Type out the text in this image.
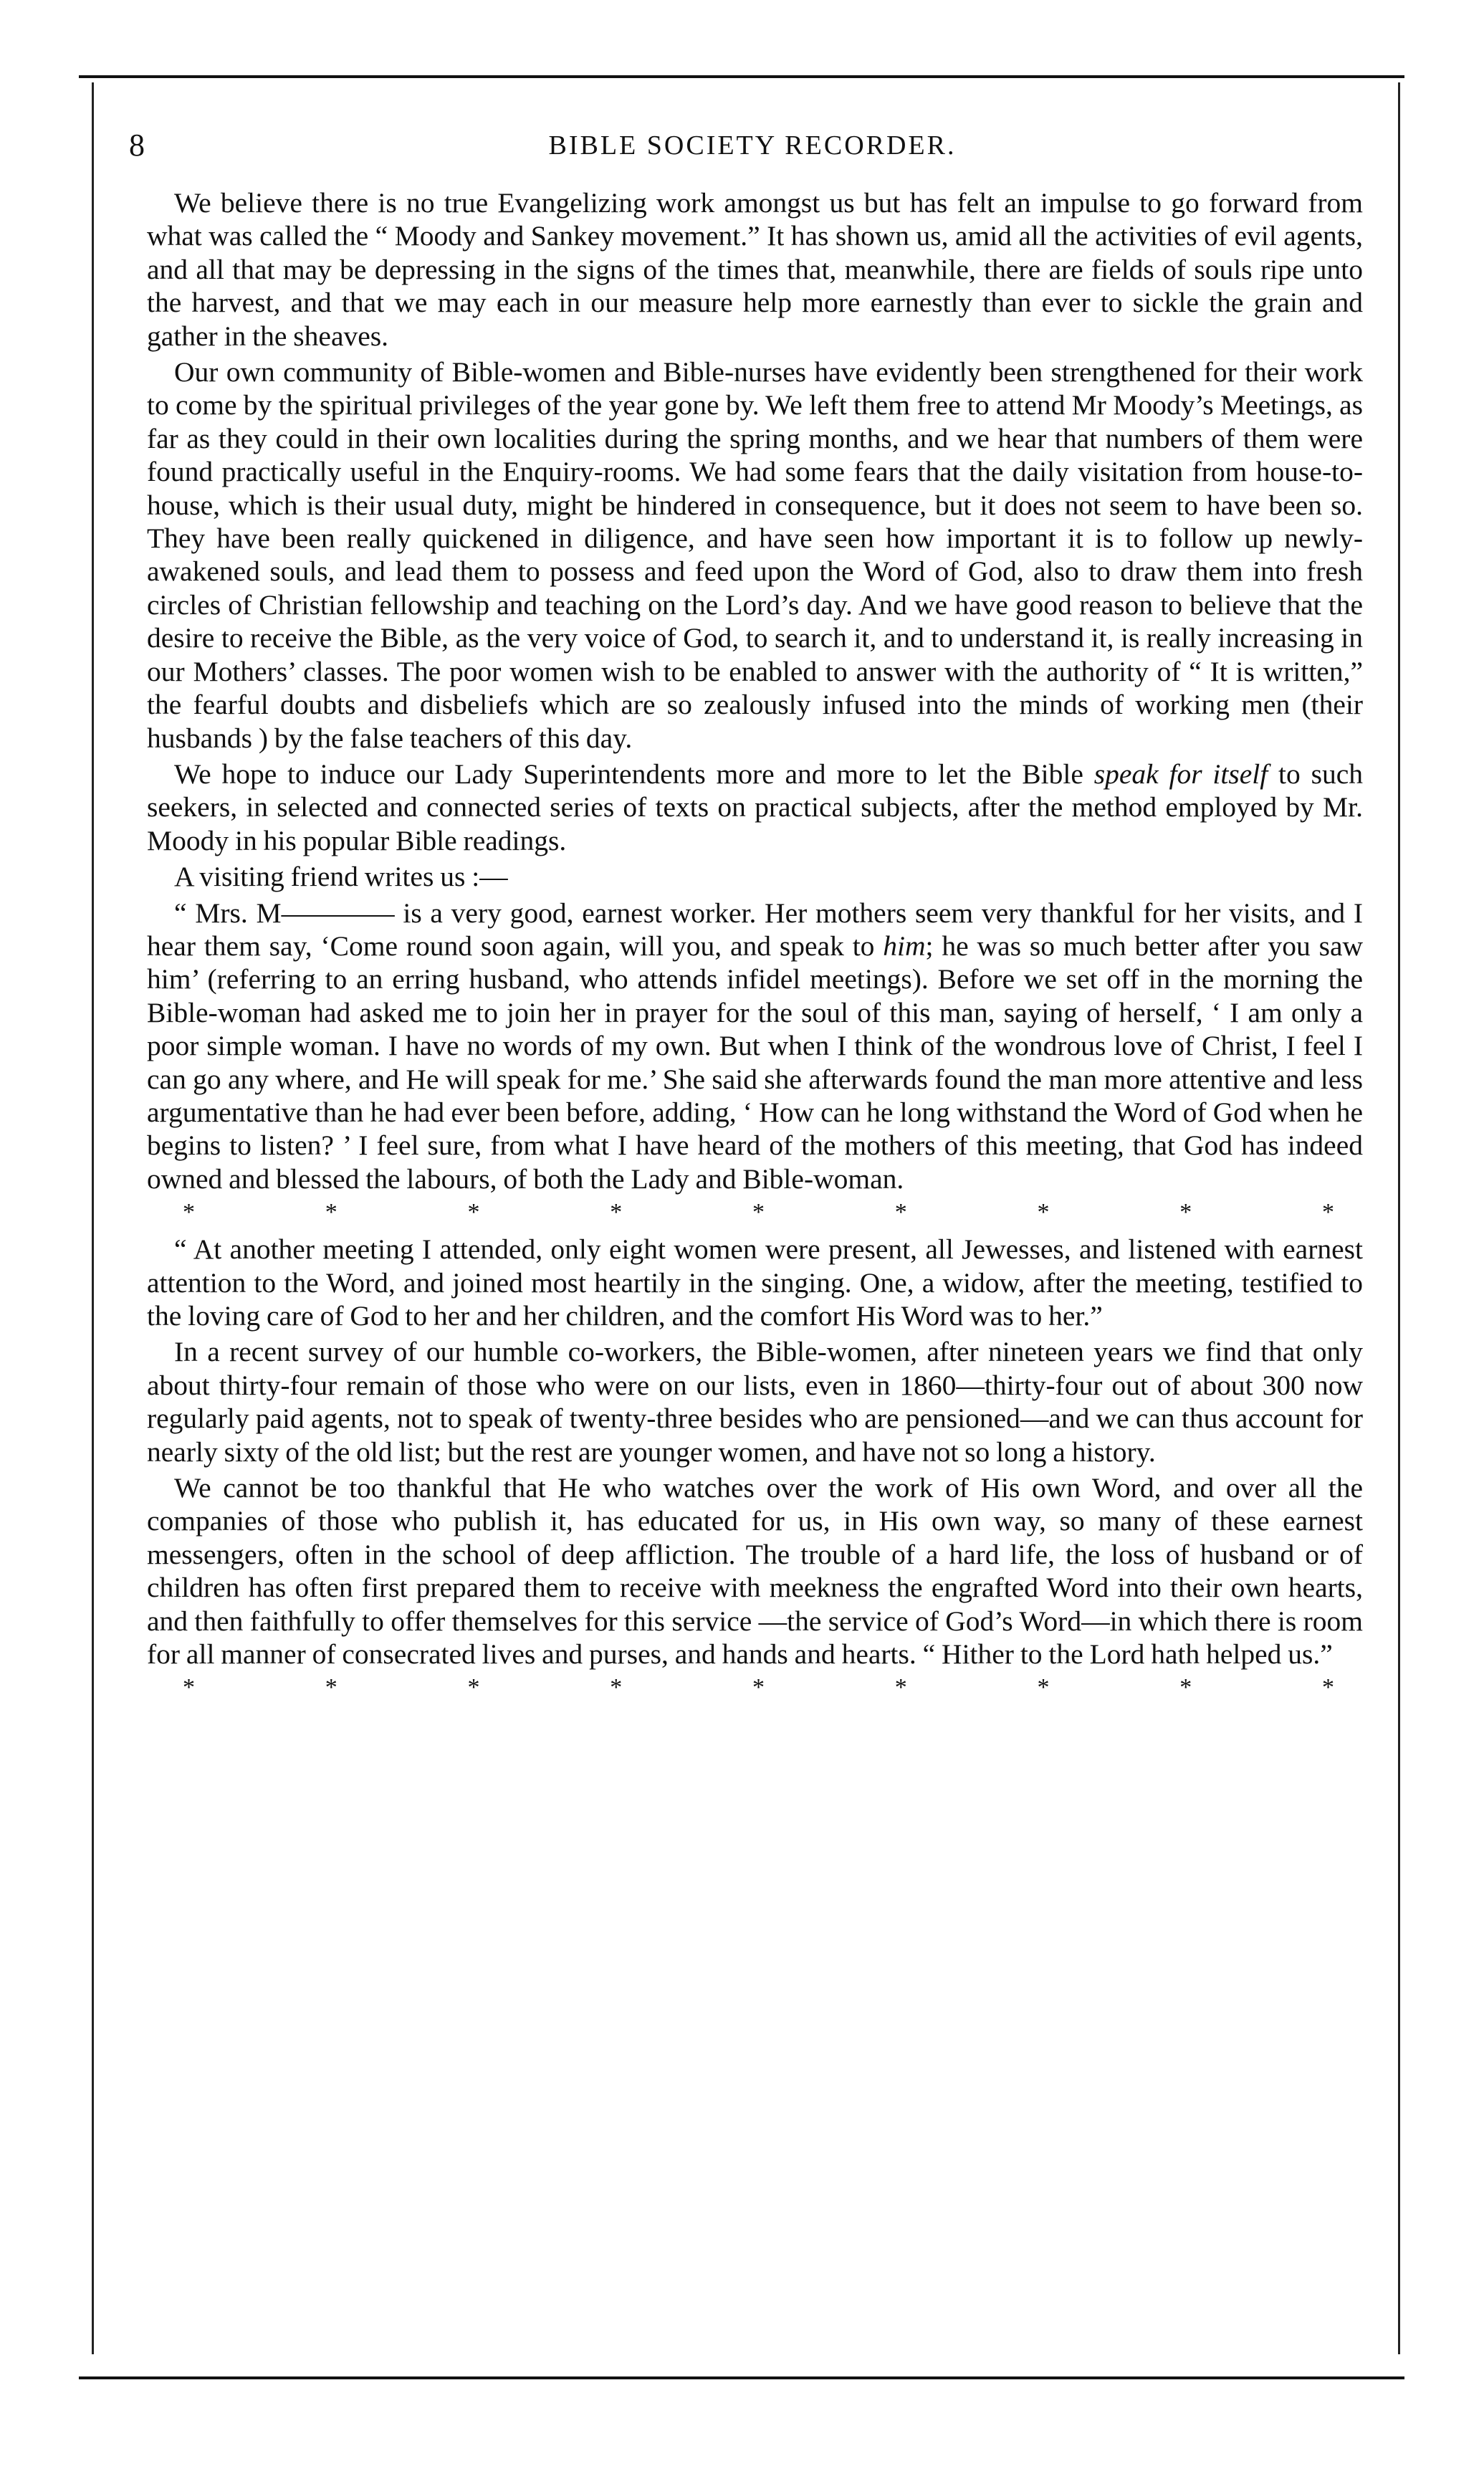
8	BIBLE SOCIETY RECORDER.

We believe there is no true Evangelizing work amongst us but has felt an impulse to go forward from what was called the “ Moody and Sankey movement.” It has shown us, amid all the activities of evil agents, and all that may be depressing in the signs of the times that, meanwhile, there are fields of souls ripe unto the harvest, and that we may each in our measure help more earnestly than ever to sickle the grain and gather in the sheaves.

Our own community of Bible-women and Bible-nurses have evidently been strengthened for their work to come by the spiritual privileges of the year gone by. We left them free to attend Mr Moody’s Meetings, as far as they could in their own localities during the spring months, and we hear that numbers of them were found practically useful in the Enquiry-rooms. We had some fears that the daily visitation from house-to-house, which is their usual duty, might be hindered in consequence, but it does not seem to have been so. They have been really quickened in diligence, and have seen how important it is to follow up newly-awakened souls, and lead them to possess and feed upon the Word of God, also to draw them into fresh circles of Christian fellowship and teaching on the Lord’s day. And we have good reason to believe that the desire to receive the Bible, as the very voice of God, to search it, and to understand it, is really increasing in our Mothers’ classes. The poor women wish to be enabled to answer with the authority of “ It is written,” the fearful doubts and disbeliefs which are so zealously infused into the minds of working men (their husbands ) by the false teachers of this day.

We hope to induce our Lady Superintendents more and more to let the Bible speak for itself to such seekers, in selected and connected series of texts on practical subjects, after the method employed by Mr. Moody in his popular Bible readings.

A visiting friend writes us :—

“ Mrs. M———— is a very good, earnest worker. Her mothers seem very thankful for her visits, and I hear them say, ‘Come round soon again, will you, and speak to him; he was so much better after you saw him’ (referring to an erring husband, who attends infidel meetings). Before we set off in the morning the Bible-woman had asked me to join her in prayer for the soul of this man, saying of herself, ‘ I am only a poor simple woman. I have no words of my own. But when I think of the wondrous love of Christ, I feel I can go any where, and He will speak for me.’ She said she afterwards found the man more attentive and less argumentative than he had ever been before, adding, ‘ How can he long withstand the Word of God when he begins to listen? ’ I feel sure, from what I have heard of the mothers of this meeting, that God has indeed owned and blessed the labours, of both the Lady and Bible-woman.

*	*	*	*	*	*	*	*	*

“ At another meeting I attended, only eight women were present, all Jewesses, and listened with earnest attention to the Word, and joined most heartily in the singing. One, a widow, after the meeting, testified to the loving care of God to her and her children, and the comfort His Word was to her.”

In a recent survey of our humble co-workers, the Bible-women, after nineteen years we find that only about thirty-four remain of those who were on our lists, even in 1860—thirty-four out of about 300 now regularly paid agents, not to speak of twenty-three besides who are pensioned—and we can thus account for nearly sixty of the old list; but the rest are younger women, and have not so long a history.

We cannot be too thankful that He who watches over the work of His own Word, and over all the companies of those who publish it, has educated for us, in His own way, so many of these earnest messengers, often in the school of deep affliction. The trouble of a hard life, the loss of husband or of children has often first prepared them to receive with meekness the engrafted Word into their own hearts, and then faithfully to offer themselves for this service —the service of God’s Word—in which there is room for all manner of consecrated lives and purses, and hands and hearts. “ Hither to the Lord hath helped us.”

*	*	*	*	*	*	*	*	*
